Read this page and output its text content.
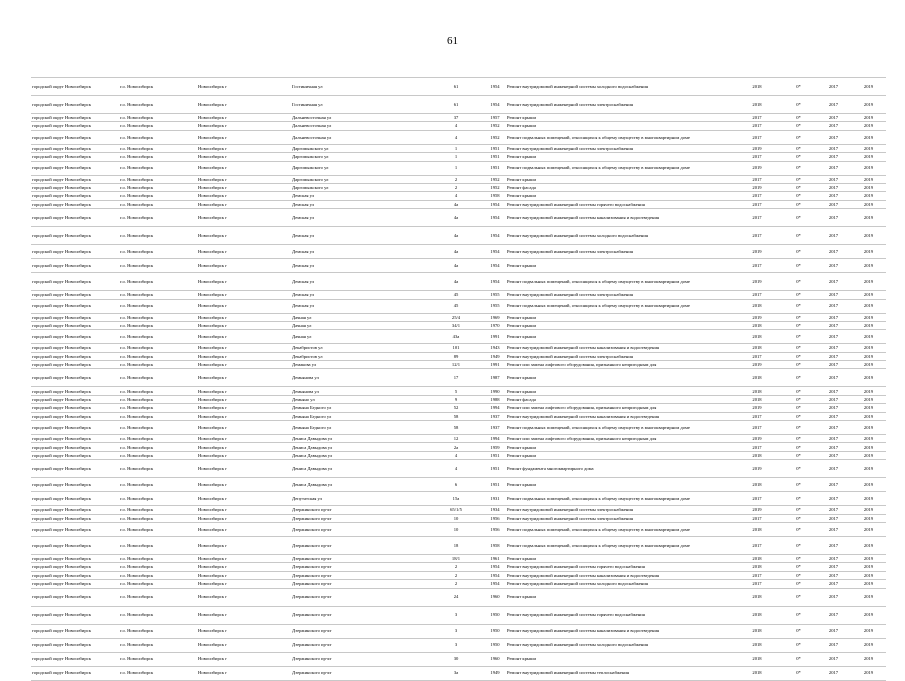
61
городской округ Новосибирск	г.о. Новосибирск	Новосибирск г	Гостиничная ул	61	1954	Ремонт внутридомовой инженерной системы холодного водоснабжения	2018	0*	2017	2019
городской округ Новосибирск	г.о. Новосибирск	Новосибирск г	Гостиничная ул	61	1954	Ремонт внутридомовой инженерной системы электроснабжения	2018	0*	2017	2019
городской округ Новосибирск	г.о. Новосибирск	Новосибирск г	Дальневосточная ул	37	1957	Ремонт крыши	2017	0*	2017	2019
городской округ Новосибирск	г.о. Новосибирск	Новосибирск г	Дальневосточная ул	4	1952	Ремонт крыши	2017	0*	2017	2019
городской округ Новосибирск	г.о. Новосибирск	Новосибирск г	Дальневосточная ул	4	1952	Ремонт подвальных помещений, относящихся к общему имуществу в многоквартирном доме	2017	0*	2017	2019
городской округ Новосибирск	г.о. Новосибирск	Новосибирск г	Даргомыжского ул	1	1951	Ремонт внутридомовой инженерной системы электроснабжения	2019	0*	2017	2019
городской округ Новосибирск	г.о. Новосибирск	Новосибирск г	Даргомыжского ул	1	1951	Ремонт крыши	2017	0*	2017	2019
городской округ Новосибирск	г.о. Новосибирск	Новосибирск г	Даргомыжского ул	1	1951	Ремонт подвальных помещений, относящихся к общему имуществу в многоквартирном доме	2019	0*	2017	2019
городской округ Новосибирск	г.о. Новосибирск	Новосибирск г	Даргомыжского ул	2	1952	Ремонт крыши	2017	0*	2017	2019
городской округ Новосибирск	г.о. Новосибирск	Новосибирск г	Даргомыжского ул	2	1952	Ремонт фасада	2019	0*	2017	2019
городской округ Новосибирск	г.о. Новосибирск	Новосибирск г	Демская ул	4	1958	Ремонт крыши	2017	0*	2017	2019
городской округ Новосибирск	г.о. Новосибирск	Новосибирск г	Демская ул	4a	1954	Ремонт внутридомовой инженерной системы горячего водоснабжения	2017	0*	2017	2019
городской округ Новосибирск	г.о. Новосибирск	Новосибирск г	Демская ул	4a	1954	Ремонт внутридомовой инженерной системы канализования и водоотведения	2017	0*	2017	2019
городской округ Новосибирск	г.о. Новосибирск	Новосибирск г	Демская ул	4a	1954	Ремонт внутридомовой инженерной системы холодного водоснабжения	2017	0*	2017	2019
городской округ Новосибирск	г.о. Новосибирск	Новосибирск г	Демская ул	4a	1954	Ремонт внутридомовой инженерной системы электроснабжения	2019	0*	2017	2019
городской округ Новосибирск	г.о. Новосибирск	Новосибирск г	Демская ул	4a	1954	Ремонт крыши	2017	0*	2017	2019
городской округ Новосибирск	г.о. Новосибирск	Новосибирск г	Демская ул	4a	1954	Ремонт подвальных помещений, относящихся к общему имуществу в многоквартирном доме	2019	0*	2017	2019
городской округ Новосибирск	г.о. Новосибирск	Новосибирск г	Демская ул	45	1955	Ремонт внутридомовой инженерной системы электроснабжения	2017	0*	2017	2019
городской округ Новосибирск	г.о. Новосибирск	Новосибирск г	Демская ул	45	1955	Ремонт подвальных помещений, относящихся к общему имуществу в многоквартирном доме	2018	0*	2017	2019
городской округ Новосибирск	г.о. Новосибирск	Новосибирск г	Дачная ул	25/4	1969	Ремонт крыши	2019	0*	2017	2019
городской округ Новосибирск	г.о. Новосибирск	Новосибирск г	Дачная ул	34/1	1970	Ремонт крыши	2018	0*	2017	2019
городской округ Новосибирск	г.о. Новосибирск	Новосибирск г	Дачная ул	43a	1991	Ремонт крыши	2018	0*	2017	2019
городской округ Новосибирск	г.о. Новосибирск	Новосибирск г	Декабристов ул	101	1943	Ремонт внутридомовой инженерной системы канализования и водоотведения	2018	0*	2017	2019
городской округ Новосибирск	г.о. Новосибирск	Новосибирск г	Декабристов ул	89	1949	Ремонт внутридомовой инженерной системы электроснабжения	2017	0*	2017	2019
городской округ Новосибирск	г.о. Новосибирск	Новосибирск г	Демакова ул	12/1	1991	Ремонт или замена лифтового оборудования, признанного непригодным для	2019	0*	2017	2019
городской округ Новосибирск	г.о. Новосибирск	Новосибирск г	Демьянова ул	17	1987	Ремонт крыши	2018	0*	2017	2019
городской округ Новосибирск	г.о. Новосибирск	Новосибирск г	Демьянова ул	5	1990	Ремонт крыши	2018	0*	2017	2019
городской округ Новосибирск	г.о. Новосибирск	Новосибирск г	Демьяно ул	9	1988	Ремонт фасада	2018	0*	2017	2019
городской округ Новосибирск	г.о. Новосибирск	Новосибирск г	Демьяна Бедного ул	52	1994	Ремонт или замена лифтового оборудования, признанного непригодным для	2019	0*	2017	2019
городской округ Новосибирск	г.о. Новосибирск	Новосибирск г	Демьяна Бедного ул	58	1937	Ремонт внутридомовой инженерной системы канализования и водоотведения	2017	0*	2017	2019
городской округ Новосибирск	г.о. Новосибирск	Новосибирск г	Демьяна Бедного ул	58	1937	Ремонт подвальных помещений, относящихся к общему имуществу в многоквартирном доме	2017	0*	2017	2019
городской округ Новосибирск	г.о. Новосибирск	Новосибирск г	Дениса Давыдова ул	12	1994	Ремонт или замена лифтового оборудования, признанного непригодным для	2019	0*	2017	2019
городской округ Новосибирск	г.о. Новосибирск	Новосибирск г	Дениса Давыдова ул	2a	1959	Ремонт крыши	2017	0*	2017	2019
городской округ Новосибирск	г.о. Новосибирск	Новосибирск г	Дениса Давыдова ул	4	1951	Ремонт крыши	2018	0*	2017	2019
городской округ Новосибирск	г.о. Новосибирск	Новосибирск г	Дениса Давыдова ул	4	1951	Ремонт фундамента многоквартирного дома	2019	0*	2017	2019
городской округ Новосибирск	г.о. Новосибирск	Новосибирск г	Дениса Давыдова ул	6	1951	Ремонт крыши	2018	0*	2017	2019
городской округ Новосибирск	г.о. Новосибирск	Новосибирск г	Депутатская ул	15a	1931	Ремонт подвальных помещений, относящихся к общему имуществу в многоквартирном доме	2017	0*	2017	2019
городской округ Новосибирск	г.о. Новосибирск	Новосибирск г	Дзержинского пр-кт	65/1/5	1934	Ремонт внутридомовой инженерной системы электроснабжения	2019	0*	2017	2019
городской округ Новосибирск	г.о. Новосибирск	Новосибирск г	Дзержинского пр-кт	10	1956	Ремонт внутридомовой инженерной системы электроснабжения	2017	0*	2017	2019
городской округ Новосибирск	г.о. Новосибирск	Новосибирск г	Дзержинского пр-кт	10	1956	Ремонт подвальных помещений, относящихся к общему имуществу в многоквартирном доме	2018	0*	2017	2019
городской округ Новосибирск	г.о. Новосибирск	Новосибирск г	Дзержинского пр-кт	18	1958	Ремонт подвальных помещений, относящихся к общему имуществу в многоквартирном доме	2017	0*	2017	2019
городской округ Новосибирск	г.о. Новосибирск	Новосибирск г	Дзержинского пр-кт	18/1	1961	Ремонт крыши	2018	0*	2017	2019
городской округ Новосибирск	г.о. Новосибирск	Новосибирск г	Дзержинского пр-кт	2	1954	Ремонт внутридомовой инженерной системы горячего водоснабжения	2018	0*	2017	2019
городской округ Новосибирск	г.о. Новосибирск	Новосибирск г	Дзержинского пр-кт	2	1954	Ремонт внутридомовой инженерной системы канализования и водоотведения	2017	0*	2017	2019
городской округ Новосибирск	г.о. Новосибирск	Новосибирск г	Дзержинского пр-кт	2	1954	Ремонт внутридомовой инженерной системы холодного водоснабжения	2017	0*	2017	2019
городской округ Новосибирск	г.о. Новосибирск	Новосибирск г	Дзержинского пр-кт	24	1960	Ремонт крыши	2018	0*	2017	2019
городской округ Новосибирск	г.о. Новосибирск	Новосибирск г	Дзержинского пр-кт	3	1950	Ремонт внутридомовой инженерной системы горячего водоснабжения	2018	0*	2017	2019
городской округ Новосибирск	г.о. Новосибирск	Новосибирск г	Дзержинского пр-кт	3	1950	Ремонт внутридомовой инженерной системы канализования и водоотведения	2018	0*	2017	2019
городской округ Новосибирск	г.о. Новосибирск	Новосибирск г	Дзержинского пр-кт	3	1950	Ремонт внутридомовой инженерной системы холодного водоснабжения	2018	0*	2017	2019
городской округ Новосибирск	г.о. Новосибирск	Новосибирск г	Дзержинского пр-кт	30	1960	Ремонт крыши	2018	0*	2017	2019
городской округ Новосибирск	г.о. Новосибирск	Новосибирск г	Дзержинского пр-кт	3a	1949	Ремонт внутридомовой инженерной системы теплоснабжения	2018	0*	2017	2019
